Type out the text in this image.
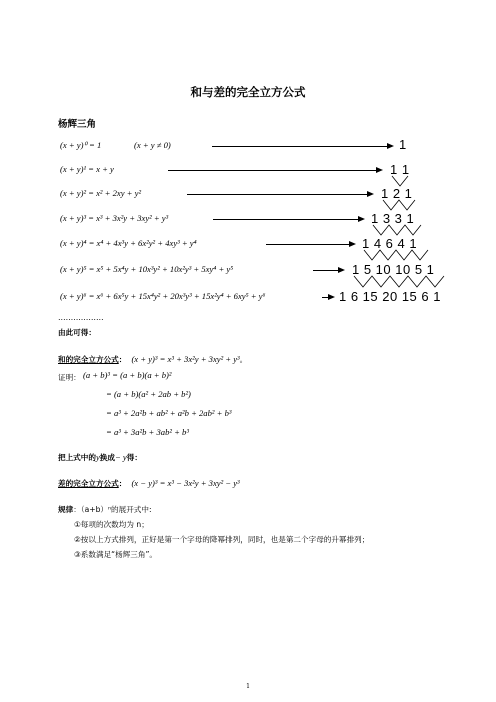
和与差的完全立方公式
杨辉三角
(x + y)⁰ = 1	(x + y ≠ 0)	1
(x + y)¹ = x + y	1 1
(x + y)² = x² + 2xy + y²	1 2 1
(x + y)³ = x³ + 3x²y + 3xy² + y³	1 3 3 1
(x + y)⁴ = x⁴ + 4x³y + 6x²y² + 4xy³ + y⁴	1 4 6 4 1
(x + y)⁵ = x⁵ + 5x⁴y + 10x³y² + 10x²y³ + 5xy⁴ + y⁵	1 5 10 10 5 1
(x + y)⁶ = x⁶ + 6x⁵y + 15x⁴y² + 20x³y³ + 15x²y⁴ + 6xy⁵ + y⁶	1 6 15 20 15 6 1
………………
由此可得：
和的完全立方公式： (x + y)³ = x³ + 3x²y + 3xy² + y³。
证明： (a + b)³ = (a + b)(a + b)²
= (a + b)(a² + 2ab + b²)
= a³ + 2a²b + ab² + a²b + 2ab² + b³
= a³ + 3a²b + 3ab² + b³
把上式中的y换成− y得：
差的完全立方公式： (x − y)³ = x³ − 3x²y + 3xy² − y³
规律：（a+b）ⁿ的展开式中:
①每项的次数均为 n；
②按以上方式排列，正好是第一个字母的降幂排列，同时，也是第二个字母的升幂排列；
③系数满足“杨辉三角”。
1
